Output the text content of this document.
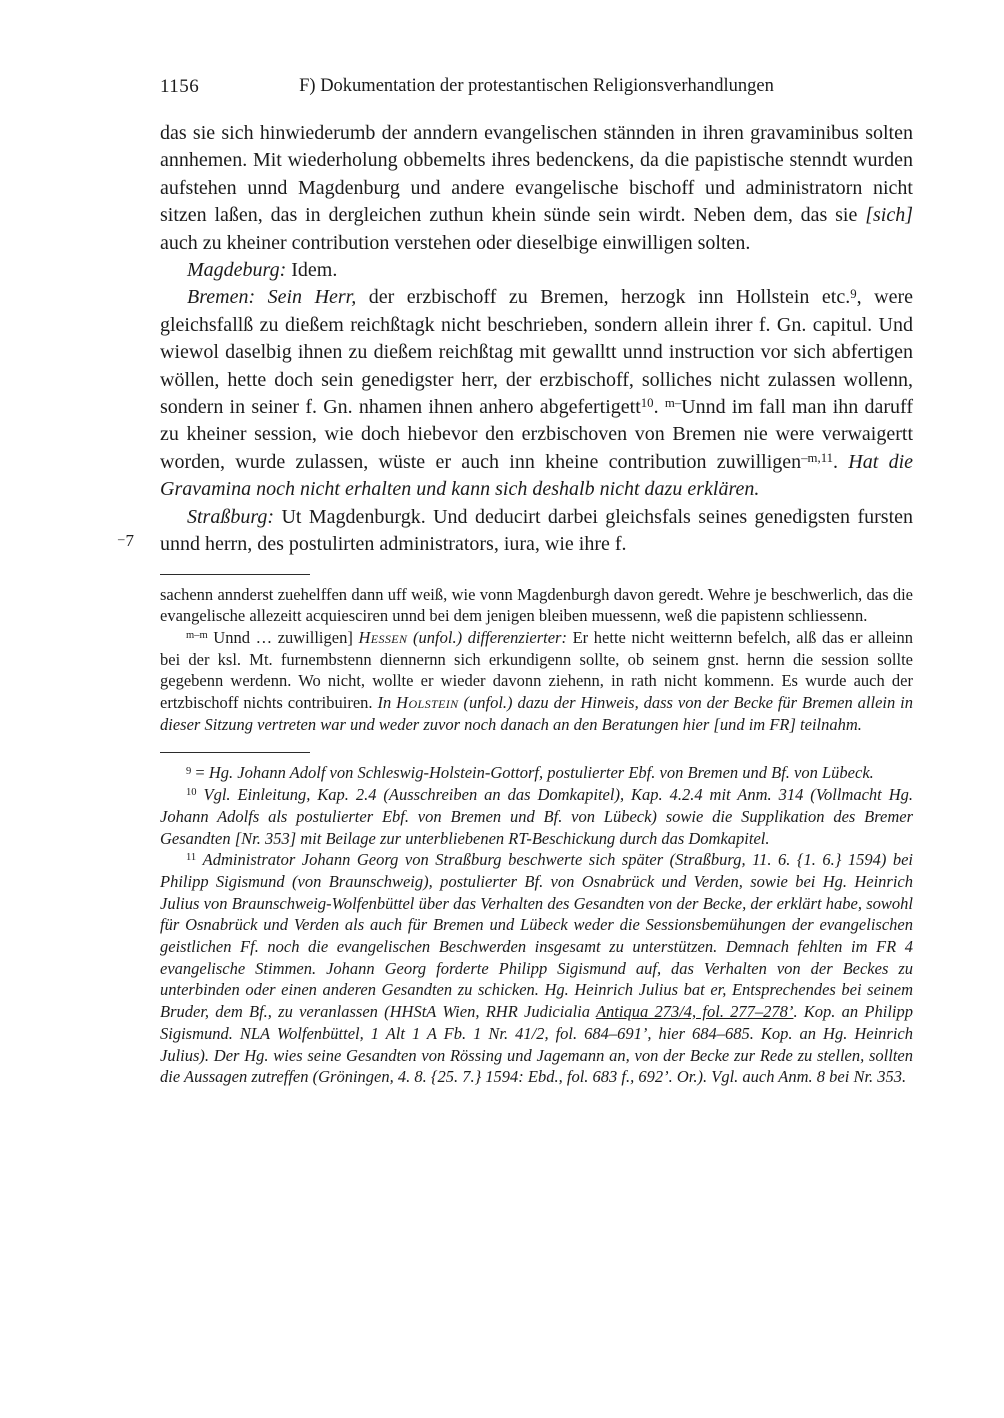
1156	F) Dokumentation der protestantischen Religionsverhandlungen

das sie sich hinwiederumb der anndern evangelischen stännden in ihren gravaminibus solten annhemen. Mit wiederholung obbemelts ihres bedenckens, da die papistische stenndt wurden aufstehen unnd Magdenburg und andere evangelische bischoff und administratorn nicht sitzen laßen, das in dergleichen zuthun khein sünde sein wirdt. Neben dem, das sie [sich] auch zu kheiner contribution verstehen oder dieselbige einwilligen solten.

Magdeburg: Idem.

Bremen: Sein Herr, der erzbischoff zu Bremen, herzogk inn Hollstein etc.$^9$, were gleichsfallß zu dießem reichßtagk nicht beschrieben, sondern allein ihrer f. Gn. capitul. Und wiewol daselbig ihnen zu dießem reichßtag mit gewalltt unnd instruction vor sich abfertigen wöllen, hette doch sein genedigster herr, der erzbischoff, solliches nicht zulassen wollenn, sondern in seiner f. Gn. nhamen ihnen anhero abgefertigett$^{10}$. $^{m-}$Unnd im fall man ihn daruff zu kheiner session, wie doch hiebevor den erzbischoven von Bremen nie were verwaigertt worden, wurde zulassen, wüste er auch inn kheine contribution zuwilligen$^{-m,11}$. Hat die Gravamina noch nicht erhalten und kann sich deshalb nicht dazu erklären.

Straßburg: Ut Magdenburgk. Und deducirt darbei gleichsfals seines genedigsten fursten unnd herrn, des postulirten administrators, iura, wie ihre f.

–7

sachenn annderst zuehelffen dann uff weiß, wie vonn Magdenburgh davon geredt. Wehre je beschwerlich, das die evangelische allezeitt acquiesciren unnd bei dem jenigen bleiben muessenn, weß die papistenn schliessenn.

$^{m-m}$ Unnd … zuwilligen] Hessen (unfol.) differenzierter: Er hette nicht weitternn befelch, alß das er alleinn bei der ksl. Mt. furnembstenn diennernn sich erkundigenn sollte, ob seinem gnst. hernn die session sollte gegebenn werdenn. Wo nicht, wollte er wieder davonn ziehenn, in rath nicht kommenn. Es wurde auch der ertzbischoff nichts contribuiren. In Holstein (unfol.) dazu der Hinweis, dass von der Becke für Bremen allein in dieser Sitzung vertreten war und weder zuvor noch danach an den Beratungen hier [und im FR] teilnahm.

$^9$ = Hg. Johann Adolf von Schleswig-Holstein-Gottorf, postulierter Ebf. von Bremen und Bf. von Lübeck.

$^{10}$ Vgl. Einleitung, Kap. 2.4 (Ausschreiben an das Domkapitel), Kap. 4.2.4 mit Anm. 314 (Vollmacht Hg. Johann Adolfs als postulierter Ebf. von Bremen und Bf. von Lübeck) sowie die Supplikation des Bremer Gesandten [Nr. 353] mit Beilage zur unterbliebenen RT-Beschickung durch das Domkapitel.

$^{11}$ Administrator Johann Georg von Straßburg beschwerte sich später (Straßburg, 11. 6. {1. 6.} 1594) bei Philipp Sigismund (von Braunschweig), postulierter Bf. von Osnabrück und Verden, sowie bei Hg. Heinrich Julius von Braunschweig-Wolfenbüttel über das Verhalten des Gesandten von der Becke, der erklärt habe, sowohl für Osnabrück und Verden als auch für Bremen und Lübeck weder die Sessionsbemühungen der evangelischen geistlichen Ff. noch die evangelischen Beschwerden insgesamt zu unterstützen. Demnach fehlten im FR 4 evangelische Stimmen. Johann Georg forderte Philipp Sigismund auf, das Verhalten von der Beckes zu unterbinden oder einen anderen Gesandten zu schicken. Hg. Heinrich Julius bat er, Entsprechendes bei seinem Bruder, dem Bf., zu veranlassen (HHStA Wien, RHR Judicialia Antiqua 273/4, fol. 277–278’. Kop. an Philipp Sigismund. NLA Wolfenbüttel, 1 Alt 1 A Fb. 1 Nr. 41/2, fol. 684–691’, hier 684–685. Kop. an Hg. Heinrich Julius). Der Hg. wies seine Gesandten von Rössing und Jagemann an, von der Becke zur Rede zu stellen, sollten die Aussagen zutreffen (Gröningen, 4. 8. {25. 7.} 1594: Ebd., fol. 683 f., 692’. Or.). Vgl. auch Anm. 8 bei Nr. 353.
